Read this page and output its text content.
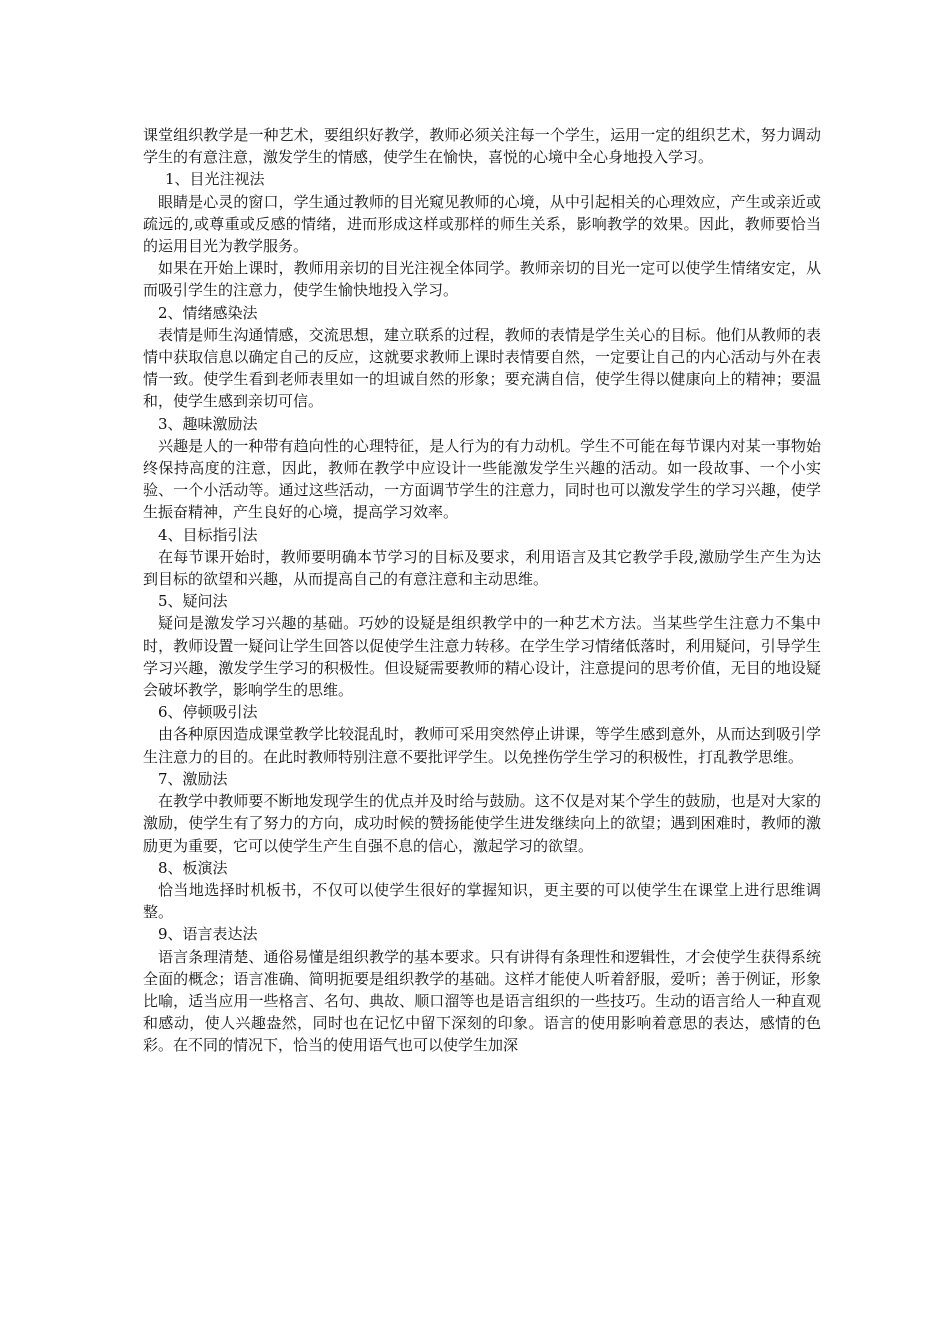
课堂组织教学是一种艺术，要组织好教学，教师必须关注每一个学生，运用一定的组织艺术，努力调动学生的有意注意，激发学生的情感，使学生在愉快，喜悦的心境中全心身地投入学习。

1、目光注视法

眼睛是心灵的窗口，学生通过教师的目光窥见教师的心境，从中引起相关的心理效应，产生或亲近或疏远的,或尊重或反感的情绪，进而形成这样或那样的师生关系，影响教学的效果。因此，教师要恰当的运用目光为教学服务。

如果在开始上课时，教师用亲切的目光注视全体同学。教师亲切的目光一定可以使学生情绪安定，从而吸引学生的注意力，使学生愉快地投入学习。

2、情绪感染法

表情是师生沟通情感，交流思想，建立联系的过程，教师的表情是学生关心的目标。他们从教师的表情中获取信息以确定自己的反应，这就要求教师上课时表情要自然，一定要让自己的内心活动与外在表情一致。使学生看到老师表里如一的坦诚自然的形象；要充满自信，使学生得以健康向上的精神；要温和，使学生感到亲切可信。

3、趣味激励法

兴趣是人的一种带有趋向性的心理特征，是人行为的有力动机。学生不可能在每节课内对某一事物始终保持高度的注意，因此，教师在教学中应设计一些能激发学生兴趣的活动。如一段故事、一个小实验、一个小活动等。通过这些活动，一方面调节学生的注意力，同时也可以激发学生的学习兴趣，使学生振奋精神，产生良好的心境，提高学习效率。

4、目标指引法

在每节课开始时，教师要明确本节学习的目标及要求，利用语言及其它教学手段,激励学生产生为达到目标的欲望和兴趣，从而提高自己的有意注意和主动思维。

5、疑问法

疑问是激发学习兴趣的基础。巧妙的设疑是组织教学中的一种艺术方法。当某些学生注意力不集中时，教师设置一疑问让学生回答以促使学生注意力转移。在学生学习情绪低落时，利用疑问，引导学生学习兴趣，激发学生学习的积极性。但设疑需要教师的精心设计，注意提问的思考价值，无目的地设疑会破坏教学，影响学生的思维。

6、停顿吸引法

由各种原因造成课堂教学比较混乱时，教师可采用突然停止讲课，等学生感到意外，从而达到吸引学生注意力的目的。在此时教师特别注意不要批评学生。以免挫伤学生学习的积极性，打乱教学思维。

7、激励法

在教学中教师要不断地发现学生的优点并及时给与鼓励。这不仅是对某个学生的鼓励，也是对大家的激励，使学生有了努力的方向，成功时候的赞扬能使学生进发继续向上的欲望；遇到困难时，教师的激励更为重要，它可以使学生产生自强不息的信心，激起学习的欲望。

8、板演法

恰当地选择时机板书，不仅可以使学生很好的掌握知识，更主要的可以使学生在课堂上进行思维调整。

9、语言表达法

语言条理清楚、通俗易懂是组织教学的基本要求。只有讲得有条理性和逻辑性，才会使学生获得系统全面的概念；语言准确、简明扼要是组织教学的基础。这样才能使人听着舒服，爱听；善于例证，形象比喻，适当应用一些格言、名句、典故、顺口溜等也是语言组织的一些技巧。生动的语言给人一种直观和感动，使人兴趣盎然，同时也在记忆中留下深刻的印象。语言的使用影响着意思的表达，感情的色彩。在不同的情况下，恰当的使用语气也可以使学生加深
